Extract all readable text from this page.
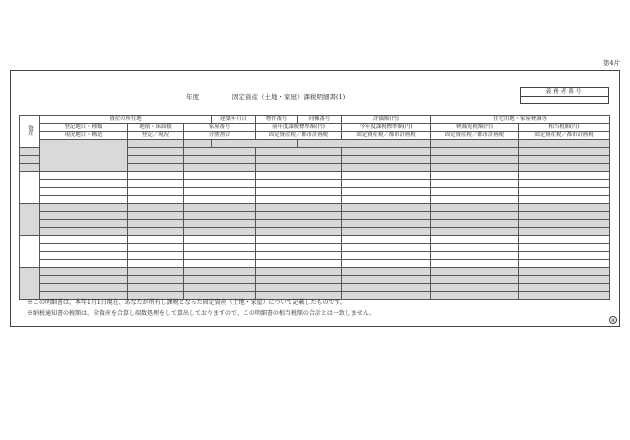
第4片
年度	固定資産（土地・家屋）課税明細書(1)
義務者番号
資産	資産の所在地			建築年月日	物件番号	同棟番号	評価額(円)	住宅用地・家屋軽減等		
	登記地目・種類	地積・床面積	家屋番号		前年度課税標準額(円)		今年度課税標準額(円)	軽減免税額(円)	相当税額(円)	
	現況地目・構造	登記／現況	分割割合		固定資産税／都市計画税		固定資産税／都市計画税	固定資産税／都市計画税	固定資産税／都市計画税	

※この明細書は、本年1月1日現在、あなたが所有し課税となった固定資産（土地・家屋）について記載したものです。
※納税通知書の税額は、全資産を合算し端数処理をして算出しておりますので、この明細書の相当税額の合計とは一致しません。
④
